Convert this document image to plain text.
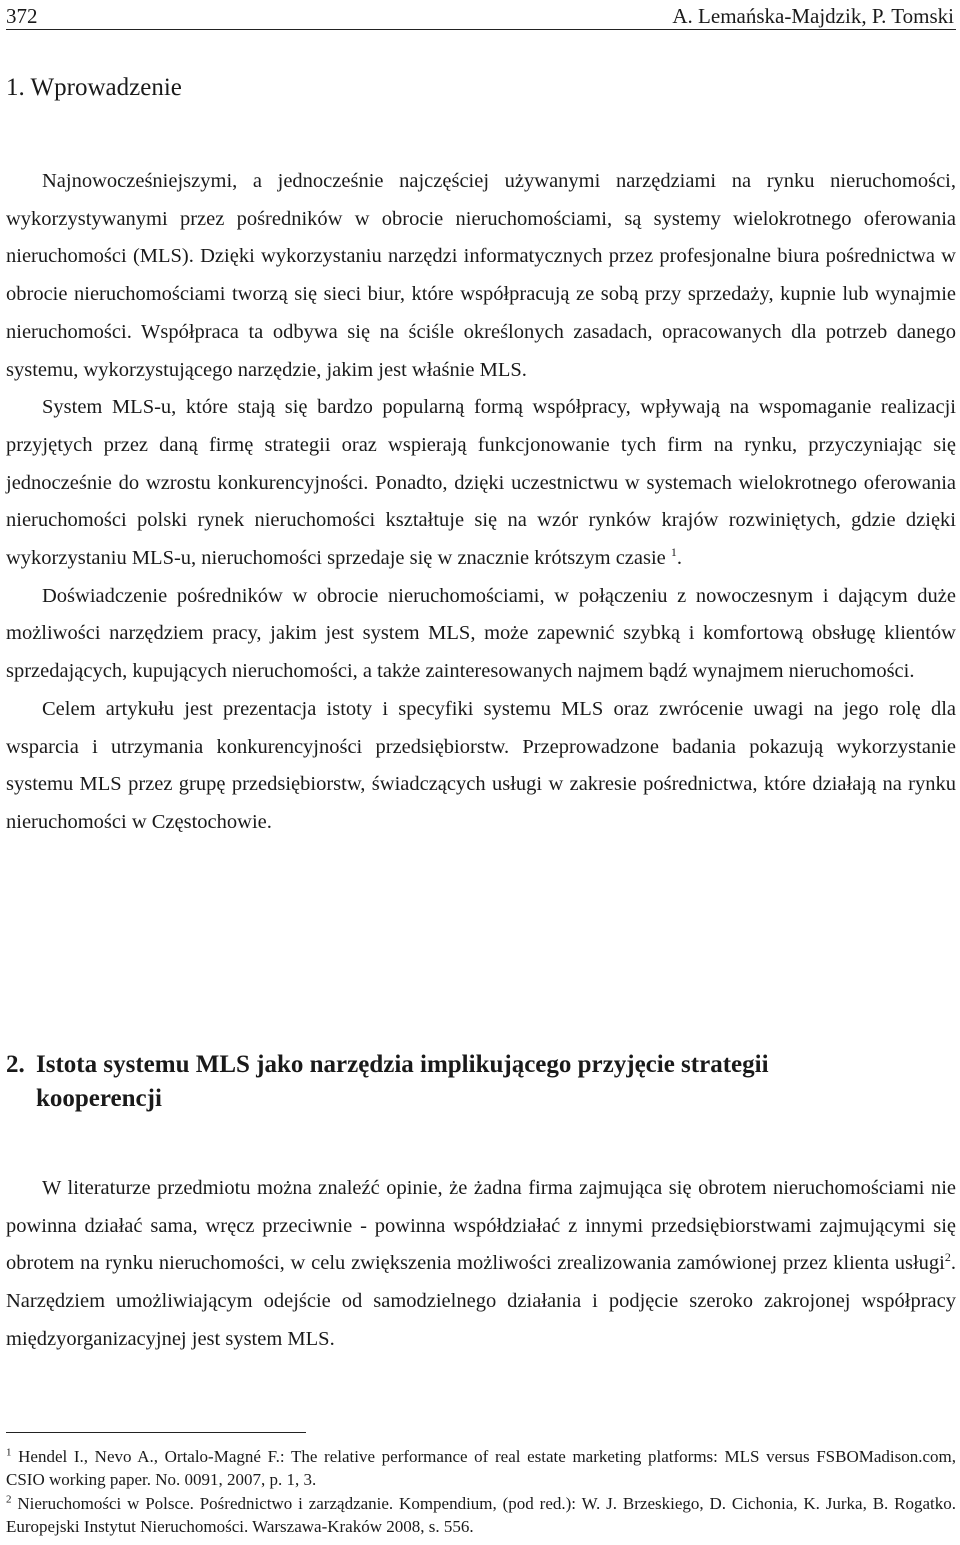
372	A. Lemańska-Majdzik, P. Tomski
1. Wprowadzenie

Najnowocześniejszymi, a jednocześnie najczęściej używanymi narzędziami na rynku nieruchomości, wykorzystywanymi przez pośredników w obrocie nieruchomościami, są systemy wielokrotnego oferowania nieruchomości (MLS). Dzięki wykorzystaniu narzędzi informatycznych przez profesjonalne biura pośrednictwa w obrocie nieruchomościami tworzą się sieci biur, które współpracują ze sobą przy sprzedaży, kupnie lub wynajmie nieruchomości. Współpraca ta odbywa się na ściśle określonych zasadach, opracowanych dla potrzeb danego systemu, wykorzystującego narzędzie, jakim jest właśnie MLS.

System MLS-u, które stają się bardzo popularną formą współpracy, wpływają na wspomaganie realizacji przyjętych przez daną firmę strategii oraz wspierają funkcjonowanie tych firm na rynku, przyczyniając się jednocześnie do wzrostu konkurencyjności. Ponadto, dzięki uczestnictwu w systemach wielokrotnego oferowania nieruchomości polski rynek nieruchomości kształtuje się na wzór rynków krajów rozwiniętych, gdzie dzięki wykorzystaniu MLS-u, nieruchomości sprzedaje się w znacznie krótszym czasie $^1$.

Doświadczenie pośredników w obrocie nieruchomościami, w połączeniu z nowoczesnym i dającym duże możliwości narzędziem pracy, jakim jest system MLS, może zapewnić szybką i komfortową obsługę klientów sprzedających, kupujących nieruchomości, a także zainteresowanych najmem bądź wynajmem nieruchomości.

Celem artykułu jest prezentacja istoty i specyfiki systemu MLS oraz zwrócenie uwagi na jego rolę dla wsparcia i utrzymania konkurencyjności przedsiębiorstw. Przeprowadzone badania pokazują wykorzystanie systemu MLS przez grupę przedsiębiorstw, świadczących usługi w zakresie pośrednictwa, które działają na rynku nieruchomości w Częstochowie.

2. Istota systemu MLS jako narzędzia implikującego przyjęcie strategii
kooperencji

W literaturze przedmiotu można znaleźć opinie, że żadna firma zajmująca się obrotem nieruchomościami nie powinna działać sama, wręcz przeciwnie - powinna współdziałać z innymi przedsiębiorstwami zajmującymi się obrotem na rynku nieruchomości, w celu zwiększenia możliwości zrealizowania zamówionej przez klienta usługi$^2$. Narzędziem umożliwiającym odejście od samodzielnego działania i podjęcie szeroko zakrojonej współpracy międzyorganizacyjnej jest system MLS.

$^1$ Hendel I., Nevo A., Ortalo-Magné F.: The relative performance of real estate marketing platforms: MLS versus FSBOMadison.com, CSIO working paper. No. 0091, 2007, p. 1, 3.

$^2$ Nieruchomości w Polsce. Pośrednictwo i zarządzanie. Kompendium, (pod red.): W. J. Brzeskiego, D. Cichonia, K. Jurka, B. Rogatko. Europejski Instytut Nieruchomości. Warszawa-Kraków 2008, s. 556.
